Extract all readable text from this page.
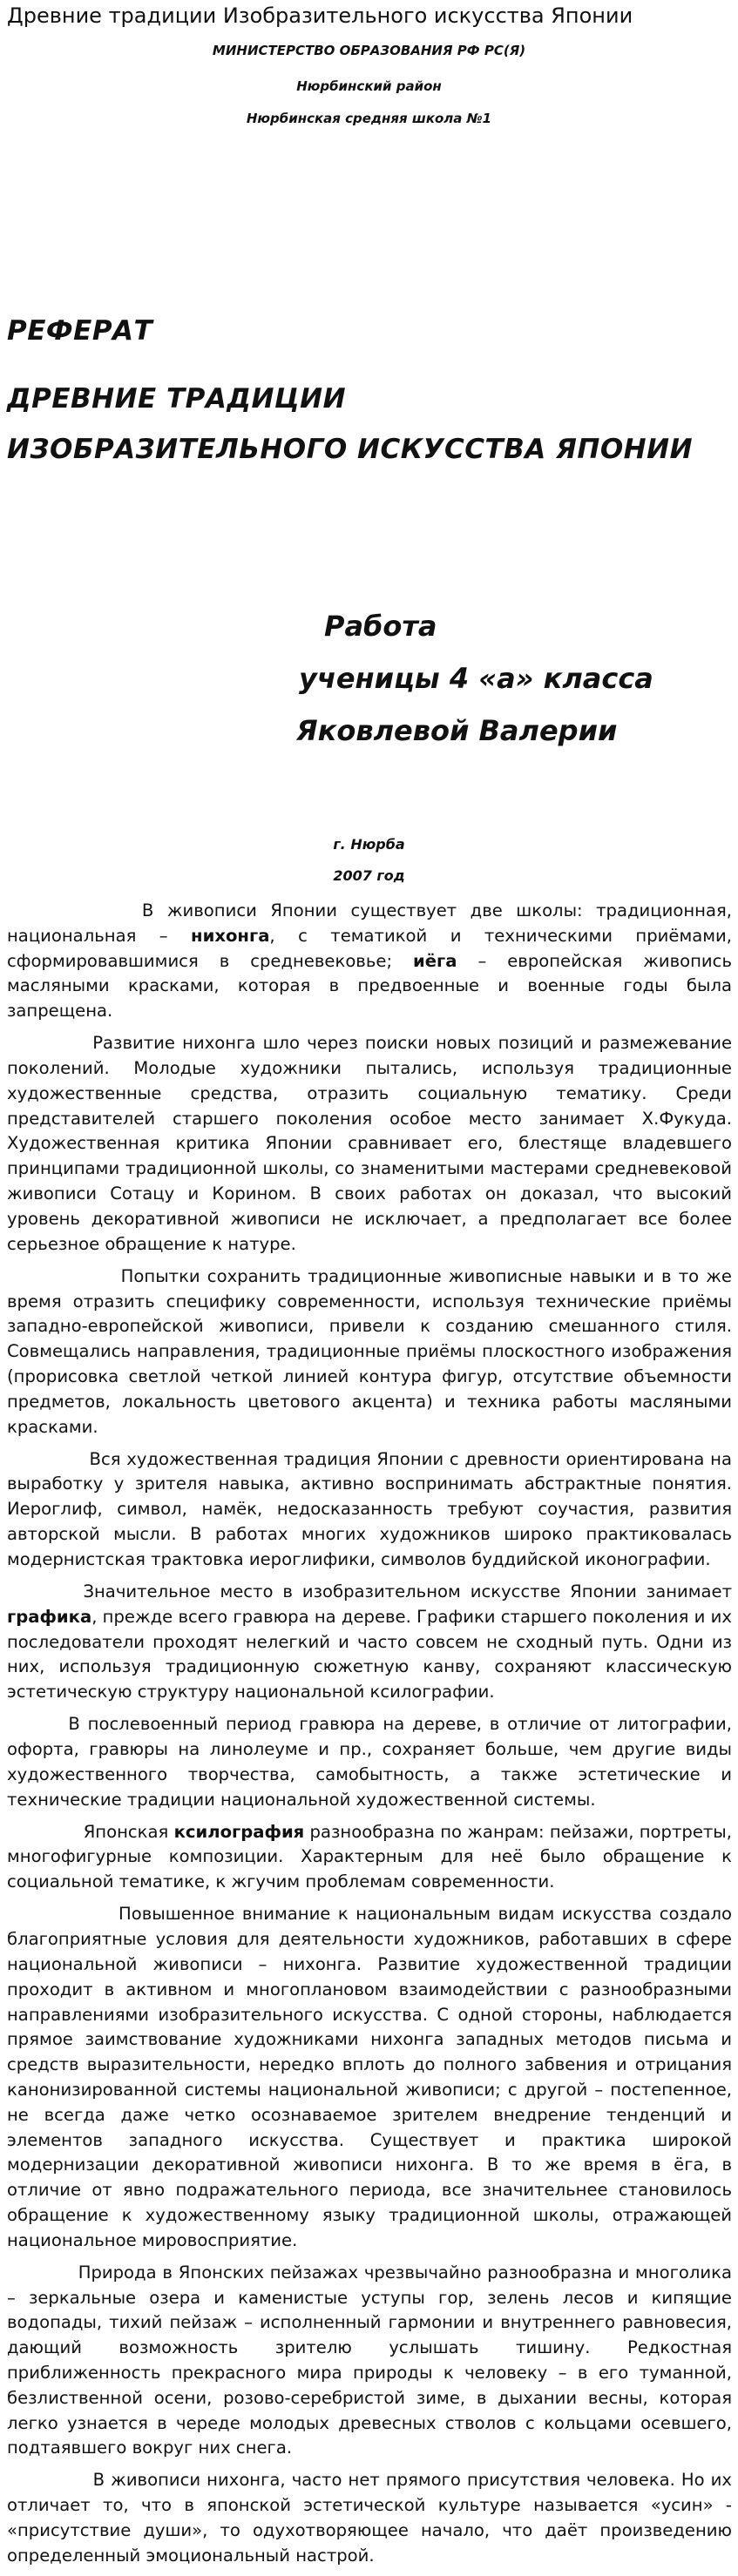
Древние традиции Изобразительного искусства Японии
МИНИСТЕРСТВО ОБРАЗОВАНИЯ РФ РС(Я)
Нюрбинский район
Нюрбинская средняя школа №1
РЕФЕРАТ
ДРЕВНИЕ ТРАДИЦИИ
ИЗОБРАЗИТЕЛЬНОГО ИСКУССТВА ЯПОНИИ
Работа
ученицы 4 «а» класса
Яковлевой Валерии
г. Нюрба
2007 год

В живописи Японии существует две школы: традиционная, национальная – нихонга, с тематикой и техническими приёмами, сформировавшимися в средневековье; иёга – европейская живопись масляными красками, которая в предвоенные и военные годы была запрещена.

Развитие нихонга шло через поиски новых позиций и размежевание поколений. Молодые художники пытались, используя традиционные художественные средства, отразить социальную тематику. Среди представителей старшего поколения особое место занимает Х.Фукуда. Художественная критика Японии сравнивает его, блестяще владевшего принципами традиционной школы, со знаменитыми мастерами средневековой живописи Сотацу и Корином. В своих работах он доказал, что высокий уровень декоративной живописи не исключает, а предполагает все более серьезное обращение к натуре.

Попытки сохранить традиционные живописные навыки и в то же время отразить специфику современности, используя технические приёмы западно-европейской живописи, привели к созданию смешанного стиля. Совмещались направления, традиционные приёмы плоскостного изображения (прорисовка светлой четкой линией контура фигур, отсутствие объемности предметов, локальность цветового акцента) и техника работы масляными красками.

Вся художественная традиция Японии с древности ориентирована на выработку у зрителя навыка, активно воспринимать абстрактные понятия. Иероглиф, символ, намёк, недосказанность требуют соучастия, развития авторской мысли. В работах многих художников широко практиковалась модернистская трактовка иероглифики, символов буддийской иконографии.

Значительное место в изобразительном искусстве Японии занимает графика, прежде всего гравюра на дереве. Графики старшего поколения и их последователи проходят нелегкий и часто совсем не сходный путь. Одни из них, используя традиционную сюжетную канву, сохраняют классическую эстетическую структуру национальной ксилографии.

В послевоенный период гравюра на дереве, в отличие от литографии, офорта, гравюры на линолеуме и пр., сохраняет больше, чем другие виды художественного творчества, самобытность, а также эстетические и технические традиции национальной художественной системы.

Японская ксилография разнообразна по жанрам: пейзажи, портреты, многофигурные композиции. Характерным для неё было обращение к социальной тематике, к жгучим проблемам современности.

Повышенное внимание к национальным видам искусства создало благоприятные условия для деятельности художников, работавших в сфере национальной живописи – нихонга. Развитие художественной традиции проходит в активном и многоплановом взаимодействии с разнообразными направлениями изобразительного искусства. С одной стороны, наблюдается прямое заимствование художниками нихонга западных методов письма и средств выразительности, нередко вплоть до полного забвения и отрицания канонизированной системы национальной живописи; с другой – постепенное, не всегда даже четко осознаваемое зрителем внедрение тенденций и элементов западного искусства. Существует и практика широкой модернизации декоративной живописи нихонга. В то же время в ёга, в отличие от явно подражательного периода, все значительнее становилось обращение к художественному языку традиционной школы, отражающей национальное мировосприятие.

Природа в Японских пейзажах чрезвычайно разнообразна и многолика – зеркальные озера и каменистые уступы гор, зелень лесов и кипящие водопады, тихий пейзаж – исполненный гармонии и внутреннего равновесия, дающий возможность зрителю услышать тишину. Редкостная приближенность прекрасного мира природы к человеку – в его туманной, безлиственной осени, розово-серебристой зиме, в дыхании весны, которая легко узнается в череде молодых древесных стволов с кольцами осевшего, подтаявшего вокруг них снега.

В живописи нихонга, часто нет прямого присутствия человека. Но их отличает то, что в японской эстетической культуре называется «усин» - «присутствие души», то одухотворяющее начало, что даёт произведению определенный эмоциональный настрой.
